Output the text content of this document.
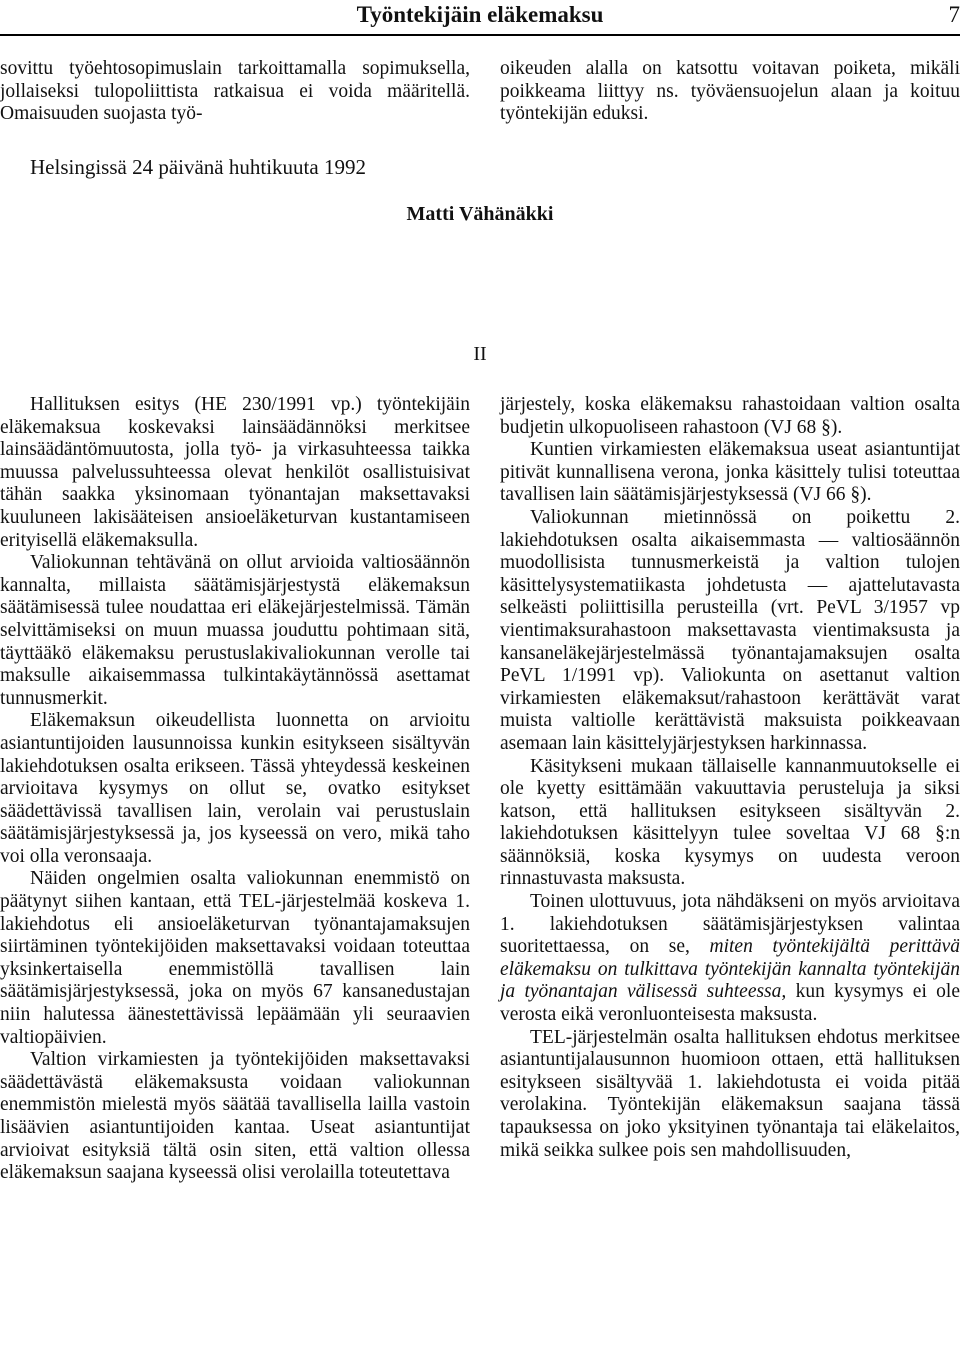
Työntekijäin eläkemaksu	7

sovittu työehtosopimuslain tarkoittamalla sopimuksella, jollaiseksi tulopoliittista ratkaisua ei voida määritellä. Omaisuuden suojasta työ-

oikeuden alalla on katsottu voitavan poiketa, mikäli poikkeama liittyy ns. työväensuojelun alaan ja koituu työntekijän eduksi.

Helsingissä 24 päivänä huhtikuuta 1992
Matti Vähänäkki
II

Hallituksen esitys (HE 230/1991 vp.) työntekijäin eläkemaksua koskevaksi lainsäädännöksi merkitsee lainsäädäntömuutosta, jolla työ- ja virkasuhteessa taikka muussa palvelussuhteessa olevat henkilöt osallistuisivat tähän saakka yksinomaan työnantajan maksettavaksi kuuluneen lakisääteisen ansioeläketurvan kustantamiseen erityisellä eläkemaksulla.

Valiokunnan tehtävänä on ollut arvioida valtiosäännön kannalta, millaista säätämisjärjestystä eläkemaksun säätämisessä tulee noudattaa eri eläkejärjestelmissä. Tämän selvittämiseksi on muun muassa jouduttu pohtimaan sitä, täyttääkö eläkemaksu perustuslakivaliokunnan verolle tai maksulle aikaisemmassa tulkintakäytännössä asettamat tunnusmerkit.

Eläkemaksun oikeudellista luonnetta on arvioitu asiantuntijoiden lausunnoissa kunkin esitykseen sisältyvän lakiehdotuksen osalta erikseen. Tässä yhteydessä keskeinen arvioitava kysymys on ollut se, ovatko esitykset säädettävissä tavallisen lain, verolain vai perustuslain säätämisjärjestyksessä ja, jos kyseessä on vero, mikä taho voi olla veronsaaja.

Näiden ongelmien osalta valiokunnan enemmistö on päätynyt siihen kantaan, että TEL-järjestelmää koskeva 1. lakiehdotus eli ansioeläketurvan työnantajamaksujen siirtäminen työntekijöiden maksettavaksi voidaan toteuttaa yksinkertaisella enemmistöllä tavallisen lain säätämisjärjestyksessä, joka on myös 67 kansanedustajan niin halutessa äänestettävissä lepäämään yli seuraavien valtiopäivien.

Valtion virkamiesten ja työntekijöiden maksettavaksi säädettävästä eläkemaksusta voidaan valiokunnan enemmistön mielestä myös säätää tavallisella lailla vastoin lisäävien asiantuntijoiden kantaa. Useat asiantuntijat arvioivat esityksiä tältä osin siten, että valtion ollessa eläkemaksun saajana kyseessä olisi verolailla toteutettava

järjestely, koska eläkemaksu rahastoidaan valtion osalta budjetin ulkopuoliseen rahastoon (VJ 68 §).

Kuntien virkamiesten eläkemaksua useat asiantuntijat pitivät kunnallisena verona, jonka käsittely tulisi toteuttaa tavallisen lain säätämisjärjestyksessä (VJ 66 §).

Valiokunnan mietinnössä on poikettu 2. lakiehdotuksen osalta aikaisemmasta — valtiosäännön muodollisista tunnusmerkeistä ja valtion tulojen käsittelysystematiikasta johdetusta — ajattelutavasta selkeästi poliittisilla perusteilla (vrt. PeVL 3/1957 vp vientimaksurahastoon maksettavasta vientimaksusta ja kansaneläkejärjestelmässä työnantajamaksujen osalta PeVL 1/1991 vp). Valiokunta on asettanut valtion virkamiesten eläkemaksut/rahastoon kerättävät varat muista valtiolle kerättävistä maksuista poikkeavaan asemaan lain käsittelyjärjestyksen harkinnassa.

Käsitykseni mukaan tällaiselle kannanmuutokselle ei ole kyetty esittämään vakuuttavia perusteluja ja siksi katson, että hallituksen esitykseen sisältyvän 2. lakiehdotuksen käsittelyyn tulee soveltaa VJ 68 §:n säännöksiä, koska kysymys on uudesta veroon rinnastuvasta maksusta.

Toinen ulottuvuus, jota nähdäkseni on myös arvioitava 1. lakiehdotuksen säätämisjärjestyksen valintaa suoritettaessa, on se, miten työntekijältä perittävä eläkemaksu on tulkittava työntekijän kannalta työntekijän ja työnantajan välisessä suhteessa, kun kysymys ei ole verosta eikä veronluonteisesta maksusta.

TEL-järjestelmän osalta hallituksen ehdotus merkitsee asiantuntijalausunnon huomioon ottaen, että hallituksen esitykseen sisältyvää 1. lakiehdotusta ei voida pitää verolakina. Työntekijän eläkemaksun saajana tässä tapauksessa on joko yksityinen työnantaja tai eläkelaitos, mikä seikka sulkee pois sen mahdollisuuden,
